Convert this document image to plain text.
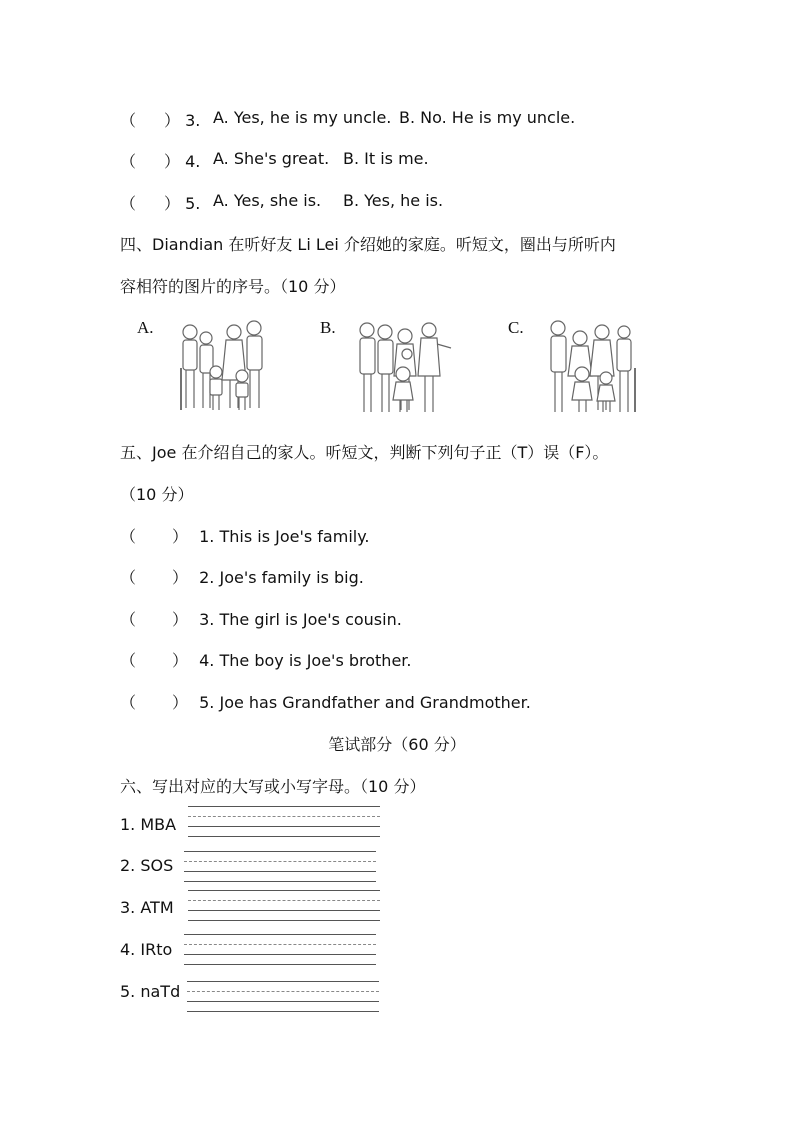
（ ） 3. A. Yes, he is my uncle. B. No. He is my uncle.
（ ） 4. A. She's great. B. It is me.
（ ） 5. A. Yes, she is. B. Yes, he is.
四、Diandian 在听好友 Li Lei 介绍她的家庭。听短文，圈出与所听内
容相符的图片的序号。（10 分）
A.	B.	C.
五、Joe 在介绍自己的家人。听短文，判断下列句子正（T）误（F）。
（10 分）
（ ） 1. This is Joe's family.
（ ） 2. Joe's family is big.
（ ） 3. The girl is Joe's cousin.
（ ） 4. The boy is Joe's brother.
（ ） 5. Joe has Grandfather and Grandmother.
笔试部分（60 分）
六、写出对应的大写或小写字母。（10 分）
1. MBA
2. SOS
3. ATM
4. IRto
5. naTd
